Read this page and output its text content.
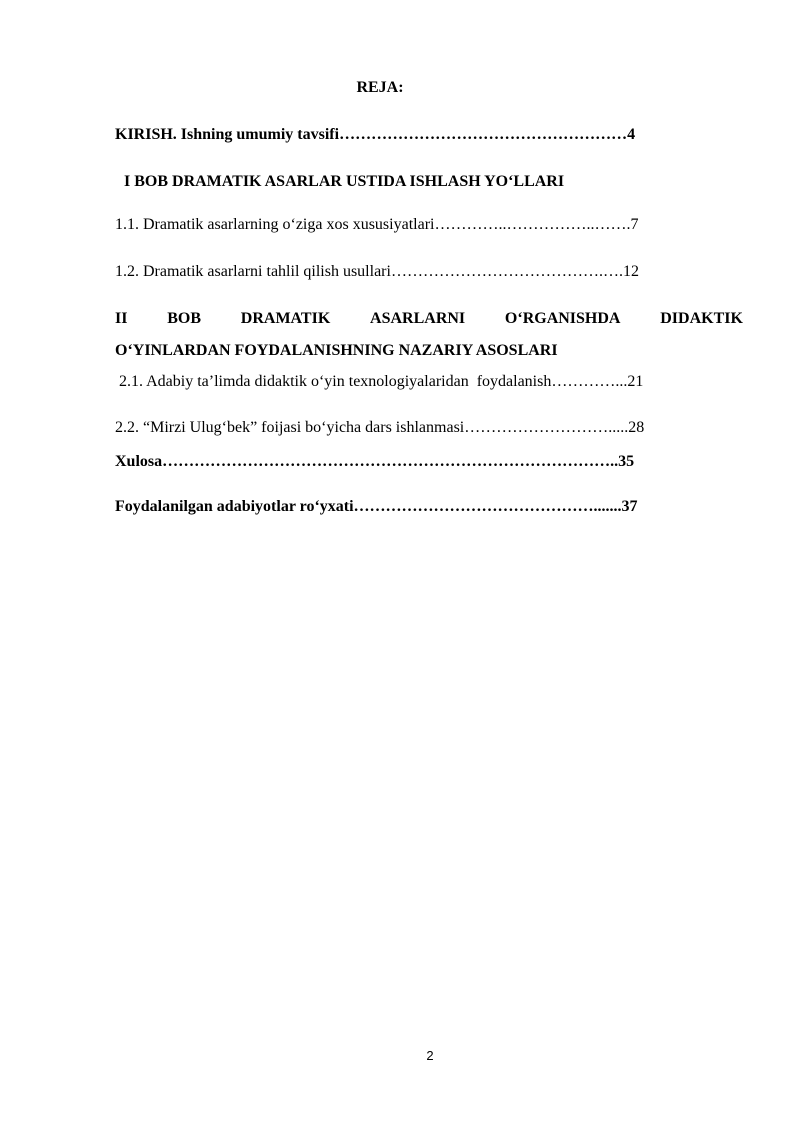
REJA:
KIRISH. Ishning umumiy tavsifi………………………………………………4
I BOB DRAMATIK ASARLAR USTIDA ISHLASH YO‘LLARI
1.1. Dramatik asarlarning o‘ziga xos xususiyatlari…………..……………..…….7
1.2. Dramatik asarlarni tahlil qilish usullari………………………………….….12
II BOB DRAMATIK ASARLARNI O‘RGANISHDA DIDAKTIK
O‘YINLARDAN FOYDALANISHNING NAZARIY ASOSLARI
2.1. Adabiy ta’limda didaktik o‘yin texnologiyalaridan  foydalanish…………...21
2.2. “Mirzi Ulug‘bek” foijasi bo‘yicha dars ishlanmasi……………………….....28
Xulosa…………………………………………………………………………..35
Foydalanilgan adabiyotlar ro‘yxati……………………………………….......37
2
